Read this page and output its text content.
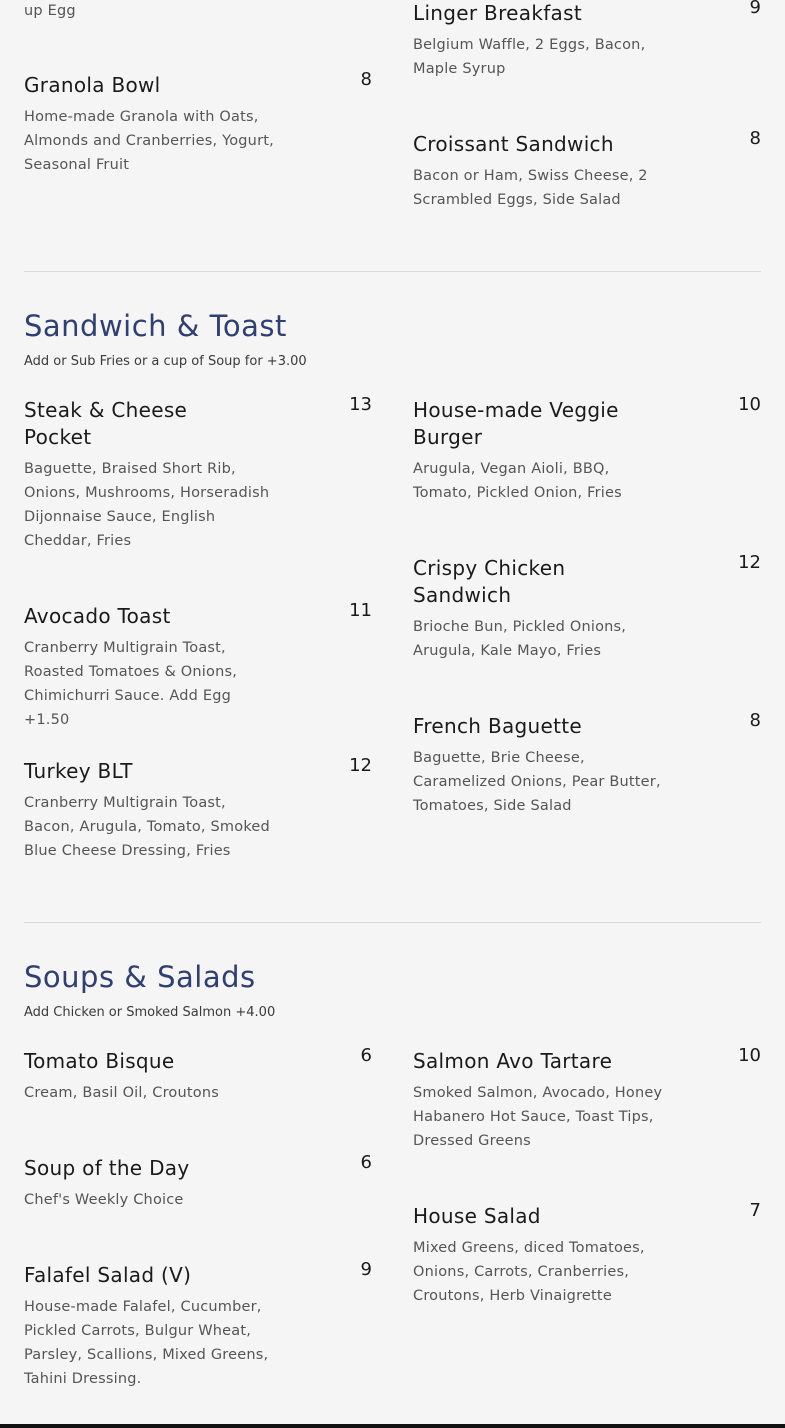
up Egg	Linger Breakfast	9
Belgium Waffle, 2 Eggs, Bacon, Maple Syrup
Granola Bowl	8
Home-made Granola with Oats, Almonds and Cranberries, Yogurt, Seasonal Fruit
Croissant Sandwich	8
Bacon or Ham, Swiss Cheese, 2 Scrambled Eggs, Side Salad
Sandwich & Toast
Add or Sub Fries or a cup of Soup for +3.00
Steak & Cheese Pocket
13
Baguette, Braised Short Rib, Onions, Mushrooms, Horseradish Dijonnaise Sauce, English Cheddar, Fries
House-made Veggie Burger
10
Arugula, Vegan Aioli, BBQ, Tomato, Pickled Onion, Fries
Crispy Chicken Sandwich
12
Brioche Bun, Pickled Onions, Arugula, Kale Mayo, Fries
Avocado Toast	11
Cranberry Multigrain Toast, Roasted Tomatoes & Onions, Chimichurri Sauce. Add Egg +1.50	French Baguette	8
Baguette, Brie Cheese, Caramelized Onions, Pear Butter, Tomatoes, Side Salad
Turkey BLT	12
Cranberry Multigrain Toast, Bacon, Arugula, Tomato, Smoked Blue Cheese Dressing, Fries
Soups & Salads
Add Chicken or Smoked Salmon +4.00
Tomato Bisque	6
Cream, Basil Oil, Croutons
Salmon Avo Tartare	10
Smoked Salmon, Avocado, Honey Habanero Hot Sauce, Toast Tips, Dressed Greens
Soup of the Day	6
Chef's Weekly Choice
House Salad	7
Mixed Greens, diced Tomatoes, Onions, Carrots, Cranberries, Croutons, Herb Vinaigrette
Falafel Salad (V)	9
House-made Falafel, Cucumber, Pickled Carrots, Bulgur Wheat, Parsley, Scallions, Mixed Greens, Tahini Dressing.
